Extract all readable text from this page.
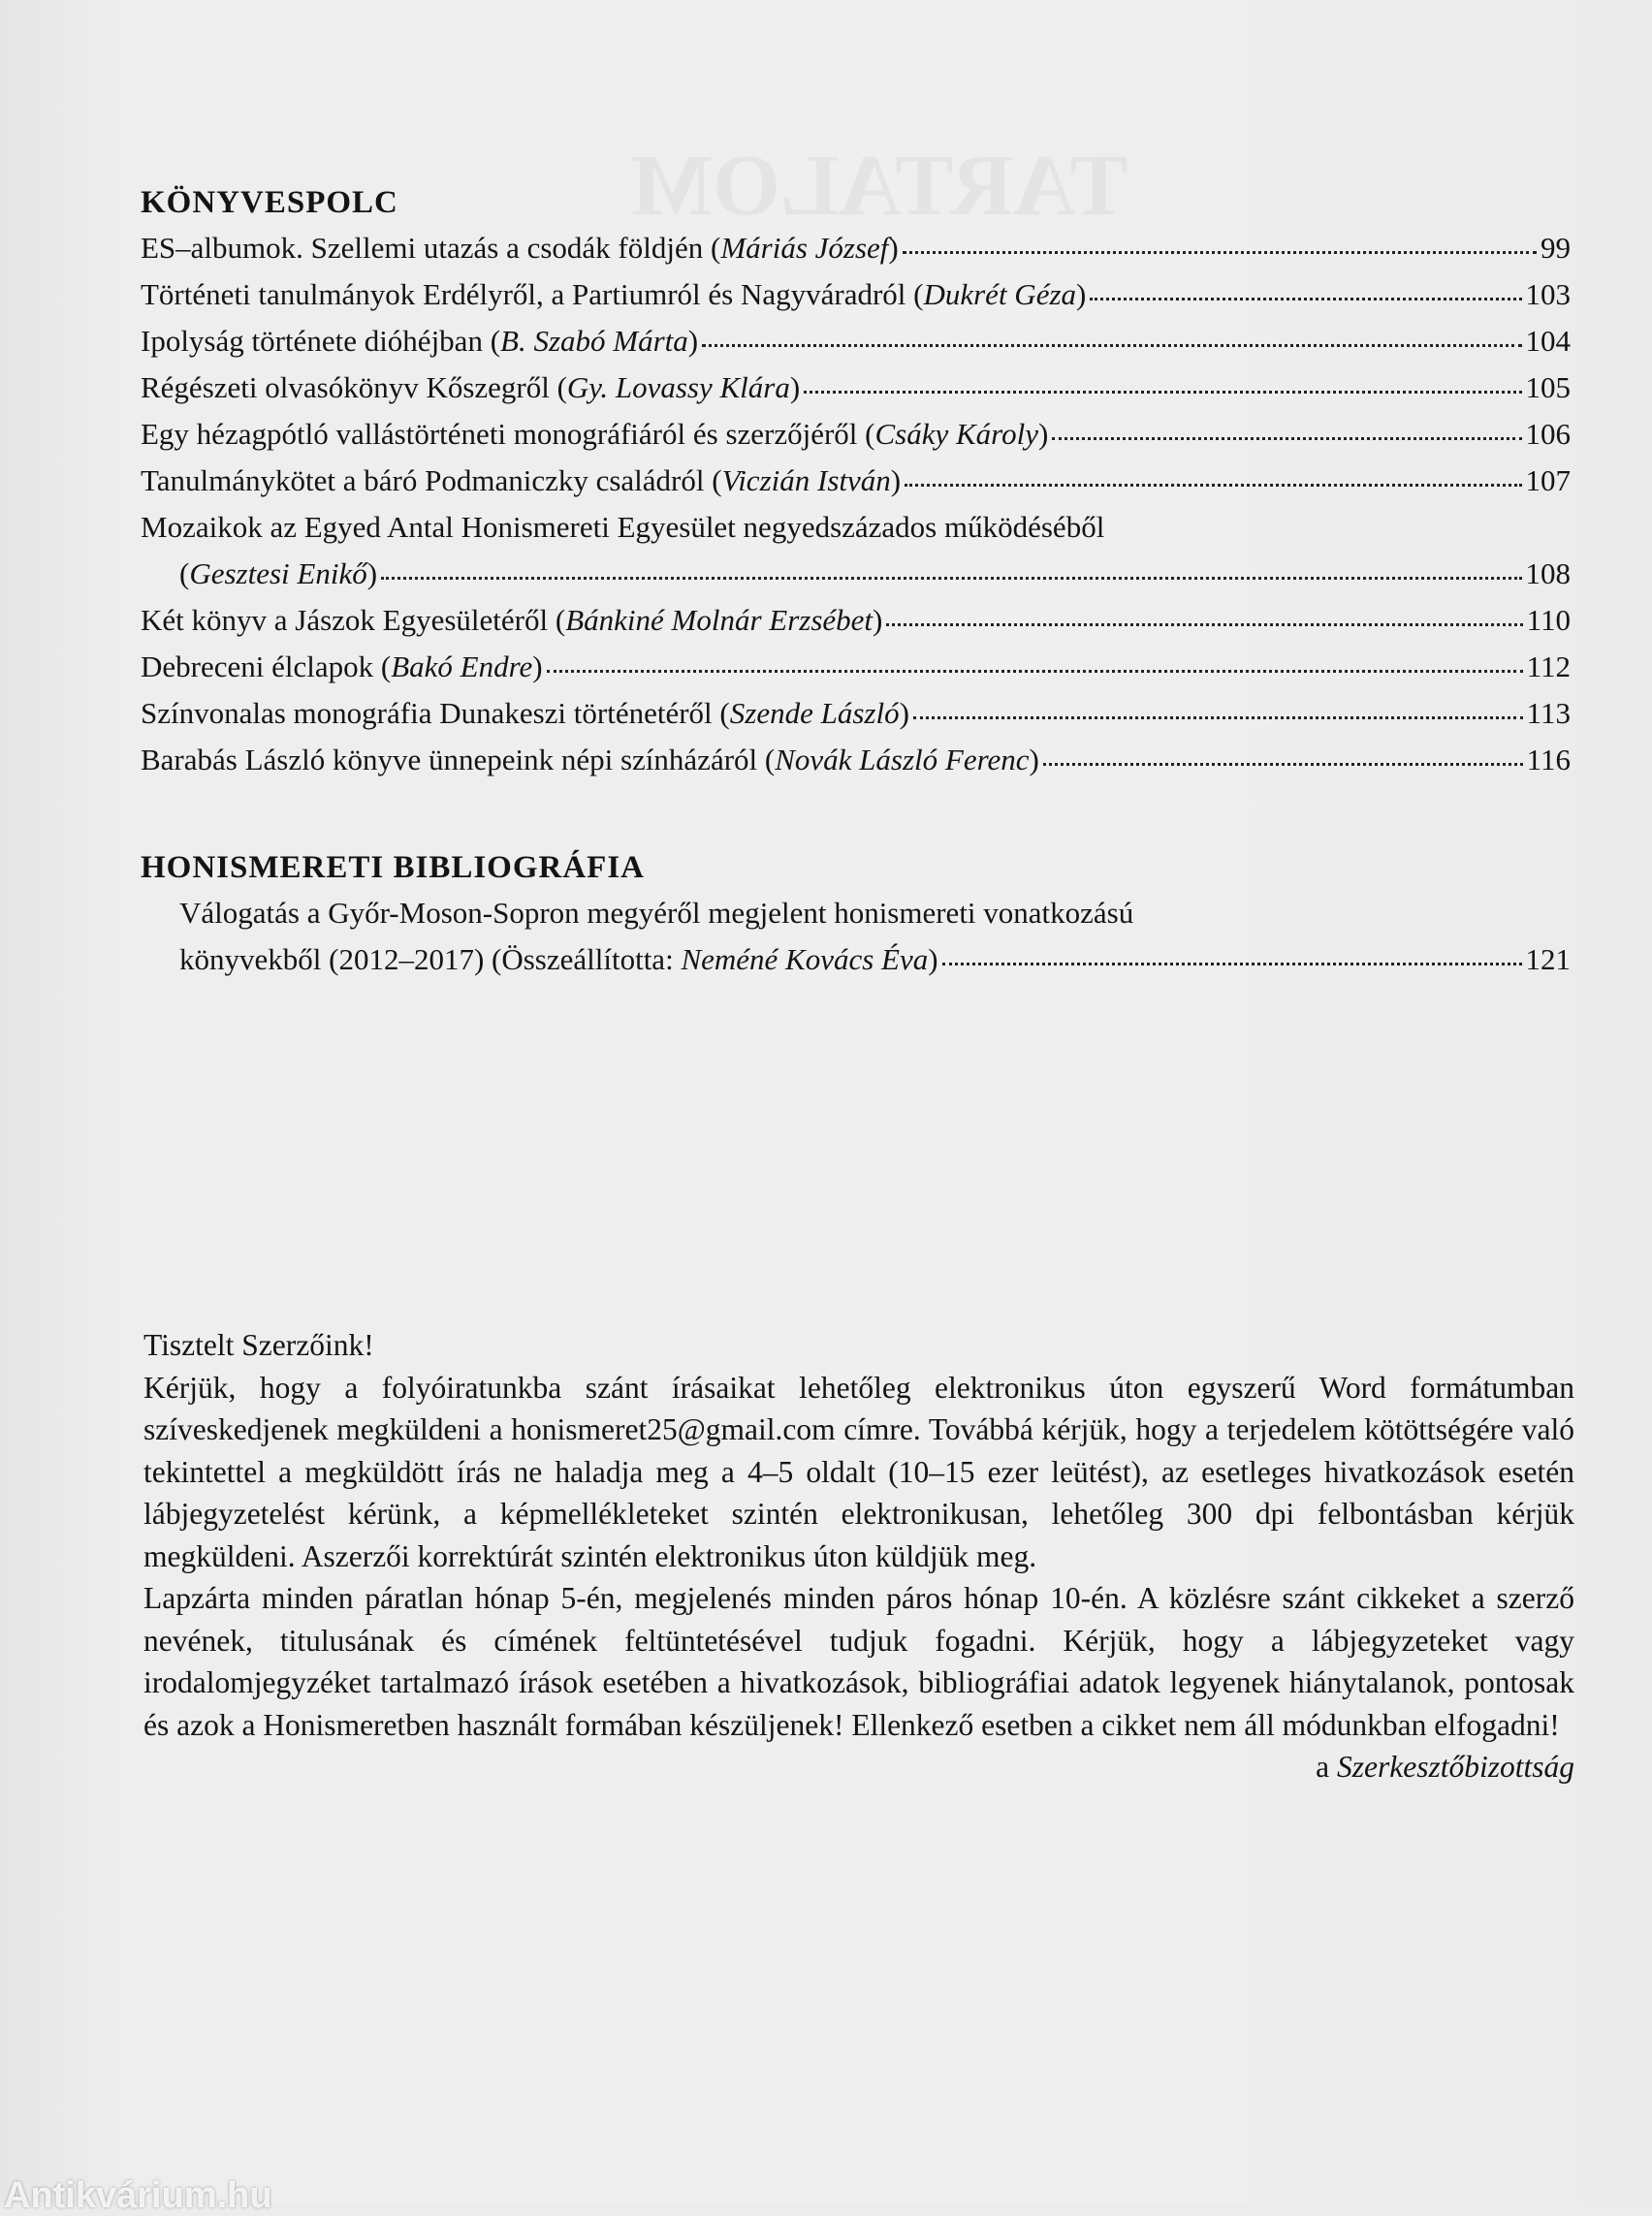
KÖNYVESPOLC
ES–albumok. Szellemi utazás a csodák földjén (Máriás József)	99
Történeti tanulmányok Erdélyről, a Partiumról és Nagyváradról (Dukrét Géza)	103
Ipolyság története dióhéjban (B. Szabó Márta)	104
Régészeti olvasókönyv Kőszegről (Gy. Lovassy Klára)	105
Egy hézagpótló vallástörténeti monográfiáról és szerzőjéről (Csáky Károly)	106
Tanulmánykötet a báró Podmaniczky családról (Viczián István)	107
Mozaikok az Egyed Antal Honismereti Egyesület negyedszázados működéséből
(Gesztesi Enikő)	108
Két könyv a Jászok Egyesületéről (Bánkiné Molnár Erzsébet)	110
Debreceni élclapok (Bakó Endre)	112
Színvonalas monográfia Dunakeszi történetéről (Szende László)	113
Barabás László könyve ünnepeink népi színházáról (Novák László Ferenc)	116
HONISMERETI BIBLIOGRÁFIA
Válogatás a Győr-Moson-Sopron megyéről megjelent honismereti vonatkozású
könyvekből (2012–2017) (Összeállította: Neméné Kovács Éva)	121

Tisztelt Szerzőink!

Kérjük, hogy a folyóiratunkba szánt írásaikat lehetőleg elektronikus úton egyszerű Word formátumban szíveskedjenek megküldeni a honismeret25@gmail.com címre. Továbbá kérjük, hogy a terjedelem kötöttségére való tekintettel a megküldött írás ne haladja meg a 4–5 oldalt (10–15 ezer leütést), az esetleges hivatkozások esetén lábjegyzetelést kérünk, a képmellékleteket szintén elektronikusan, lehetőleg 300 dpi felbontásban kérjük megküldeni. Aszerzői korrektúrát szintén elektronikus úton küldjük meg.

Lapzárta minden páratlan hónap 5-én, megjelenés minden páros hónap 10-én. A közlésre szánt cikkeket a szerző nevének, titulusának és címének feltüntetésével tudjuk fogadni. Kérjük, hogy a lábjegyzeteket vagy irodalomjegyzéket tartalmazó írások esetében a hivatkozások, bibliográfiai adatok legyenek hiánytalanok, pontosak és azok a Honismeretben használt formában készüljenek! Ellenkező esetben a cikket nem áll módunkban elfogadni!

a Szerkesztőbizottság
Antikvárium.hu
